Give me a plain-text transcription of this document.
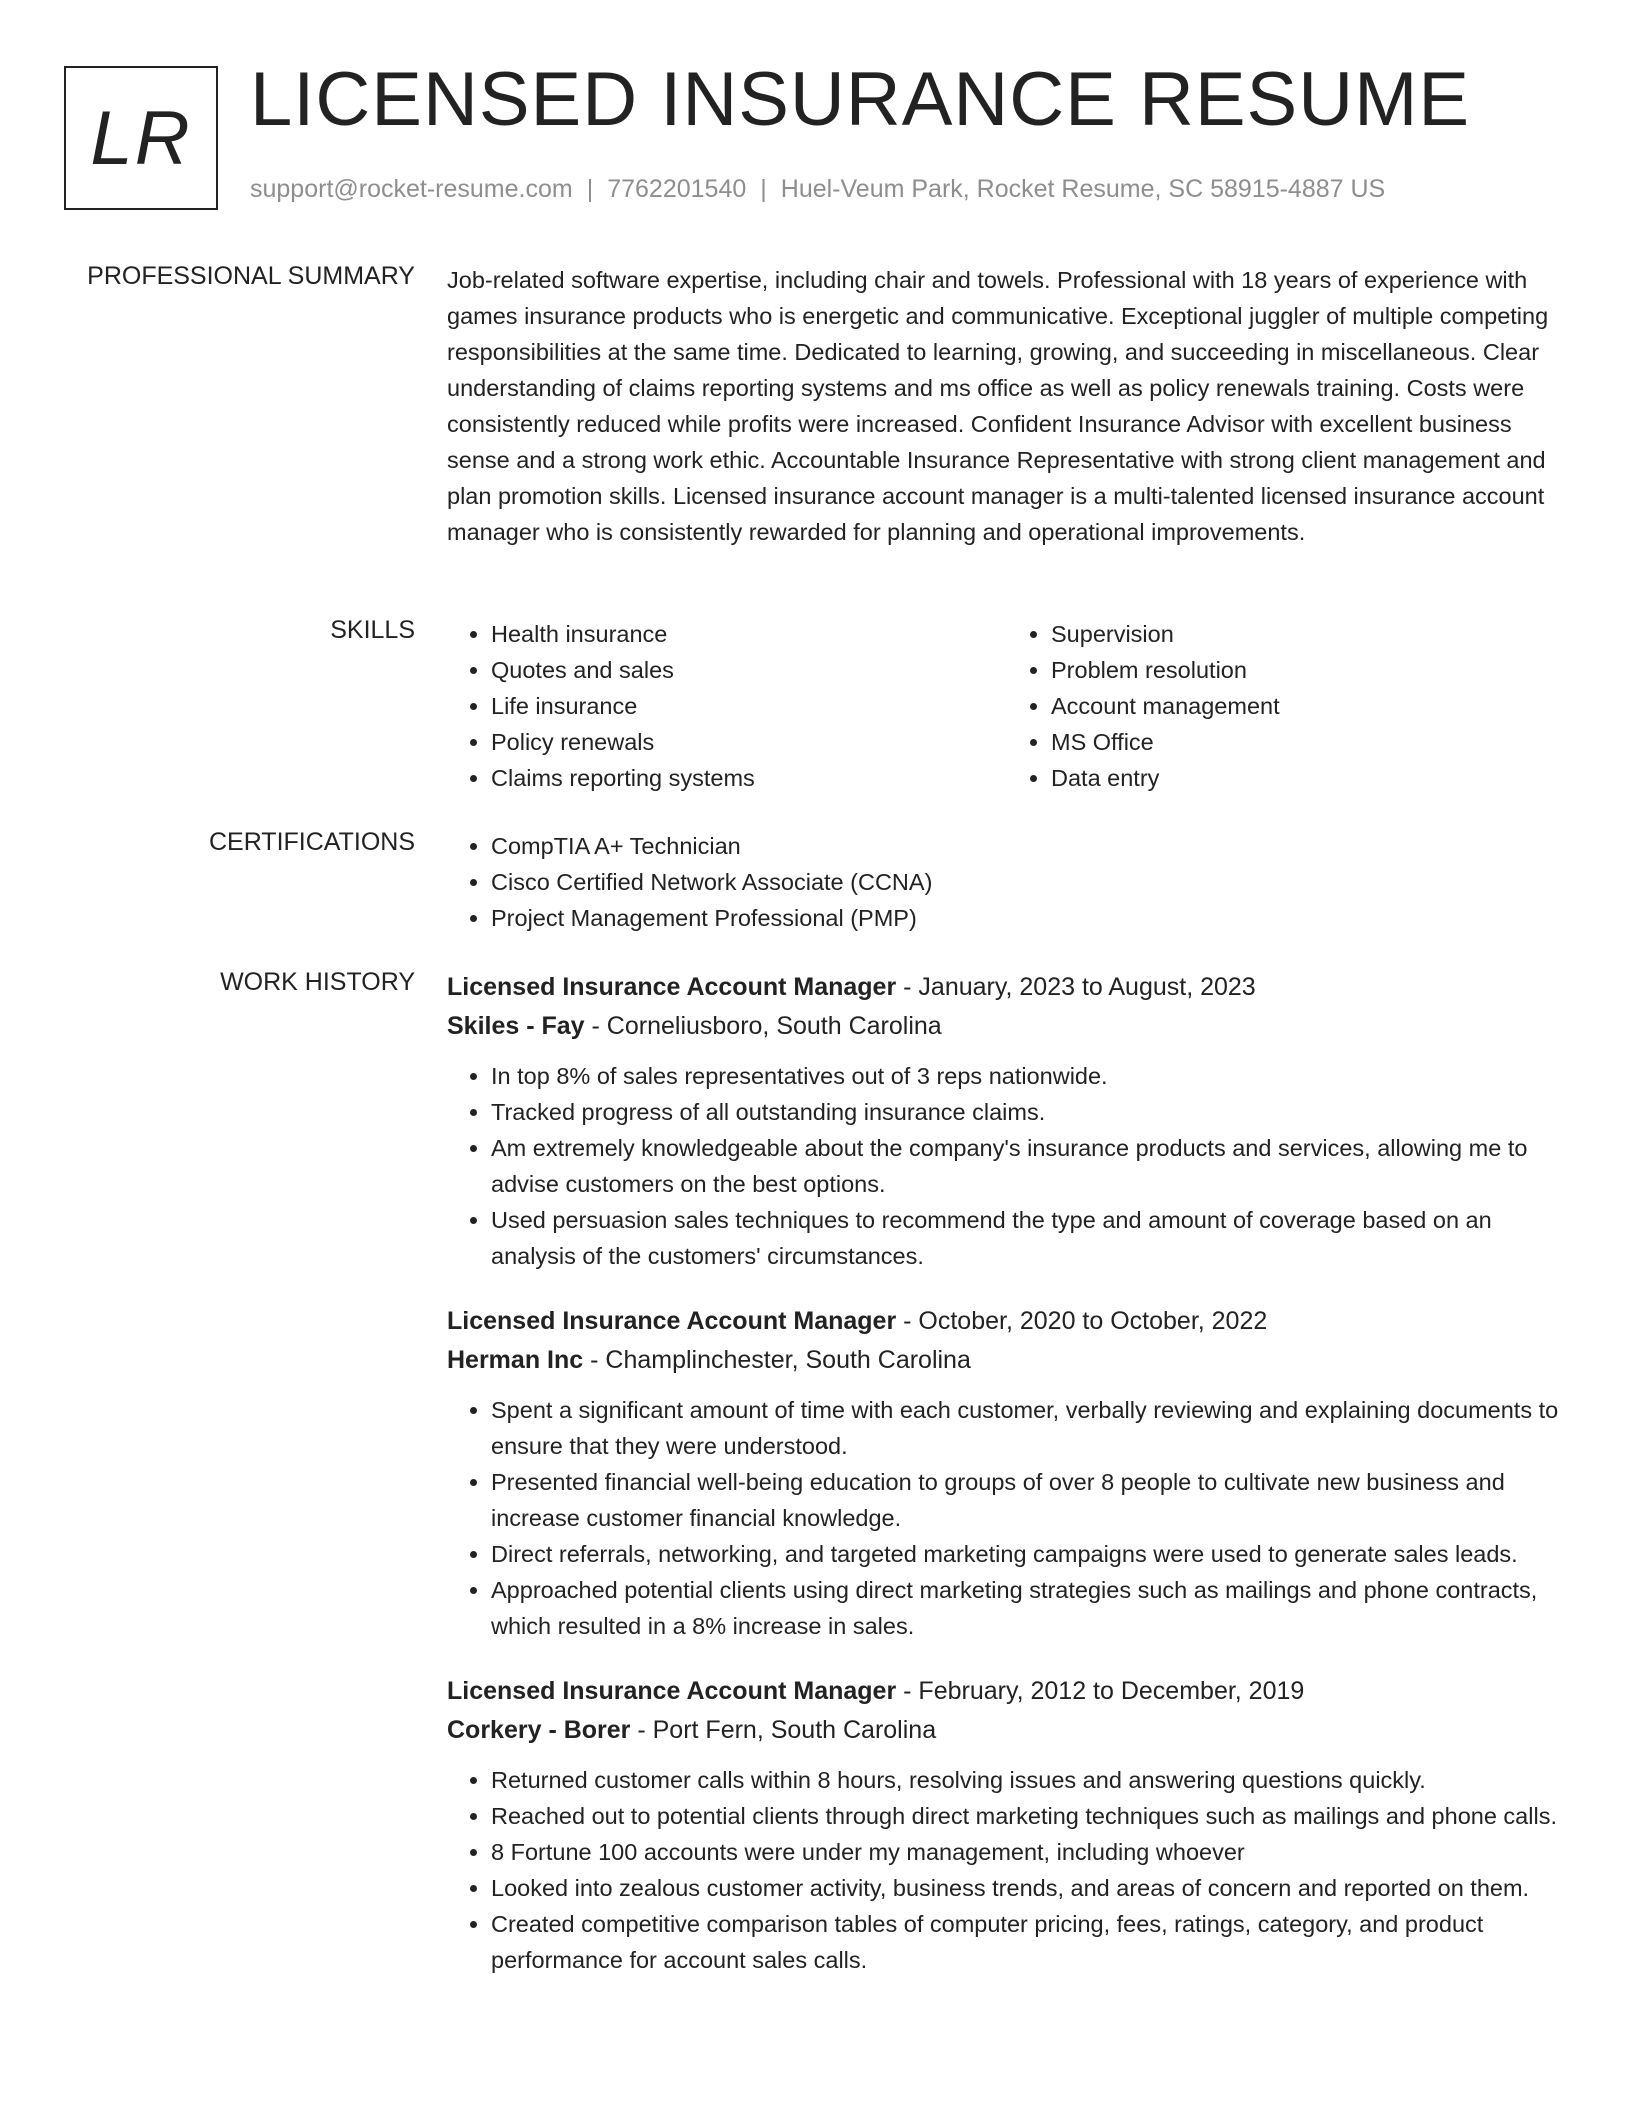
LR LICENSED INSURANCE RESUME
support@rocket-resume.com | 7762201540 | Huel-Veum Park, Rocket Resume, SC 58915-4887 US
PROFESSIONAL SUMMARY Job-related software expertise, including chair and towels. Professional with 18 years of experience with games insurance products who is energetic and communicative. Exceptional juggler of multiple competing responsibilities at the same time. Dedicated to learning, growing, and succeeding in miscellaneous. Clear understanding of claims reporting systems and ms office as well as policy renewals training. Costs were consistently reduced while profits were increased. Confident Insurance Advisor with excellent business sense and a strong work ethic. Accountable Insurance Representative with strong client management and plan promotion skills. Licensed insurance account manager is a multi-talented licensed insurance account manager who is consistently rewarded for planning and operational improvements.

SKILLS	• Health insurance
• Quotes and sales
• Life insurance
• Policy renewals
• Claims reporting systems
• Supervision
• Problem resolution
• Account management
• MS Office
• Data entry
CERTIFICATIONS	• CompTIA A+ Technician
• Cisco Certified Network Associate (CCNA)
• Project Management Professional (PMP)
WORK HISTORY Licensed Insurance Account Manager - January, 2023 to August, 2023
Skiles - Fay - Corneliusboro, South Carolina
• In top 8% of sales representatives out of 3 reps nationwide.
• Tracked progress of all outstanding insurance claims.
• Am extremely knowledgeable about the company's insurance products and services, allowing me to advise customers on the best options.
• Used persuasion sales techniques to recommend the type and amount of coverage based on an analysis of the customers' circumstances.
Licensed Insurance Account Manager - October, 2020 to October, 2022
Herman Inc - Champlinchester, South Carolina
• Spent a significant amount of time with each customer, verbally reviewing and explaining documents to ensure that they were understood.
• Presented financial well-being education to groups of over 8 people to cultivate new business and increase customer financial knowledge.
• Direct referrals, networking, and targeted marketing campaigns were used to generate sales leads.
• Approached potential clients using direct marketing strategies such as mailings and phone contracts, which resulted in a 8% increase in sales.
Licensed Insurance Account Manager - February, 2012 to December, 2019
Corkery - Borer - Port Fern, South Carolina
• Returned customer calls within 8 hours, resolving issues and answering questions quickly.
• Reached out to potential clients through direct marketing techniques such as mailings and phone calls.
• 8 Fortune 100 accounts were under my management, including whoever
• Looked into zealous customer activity, business trends, and areas of concern and reported on them.
• Created competitive comparison tables of computer pricing, fees, ratings, category, and product performance for account sales calls.
